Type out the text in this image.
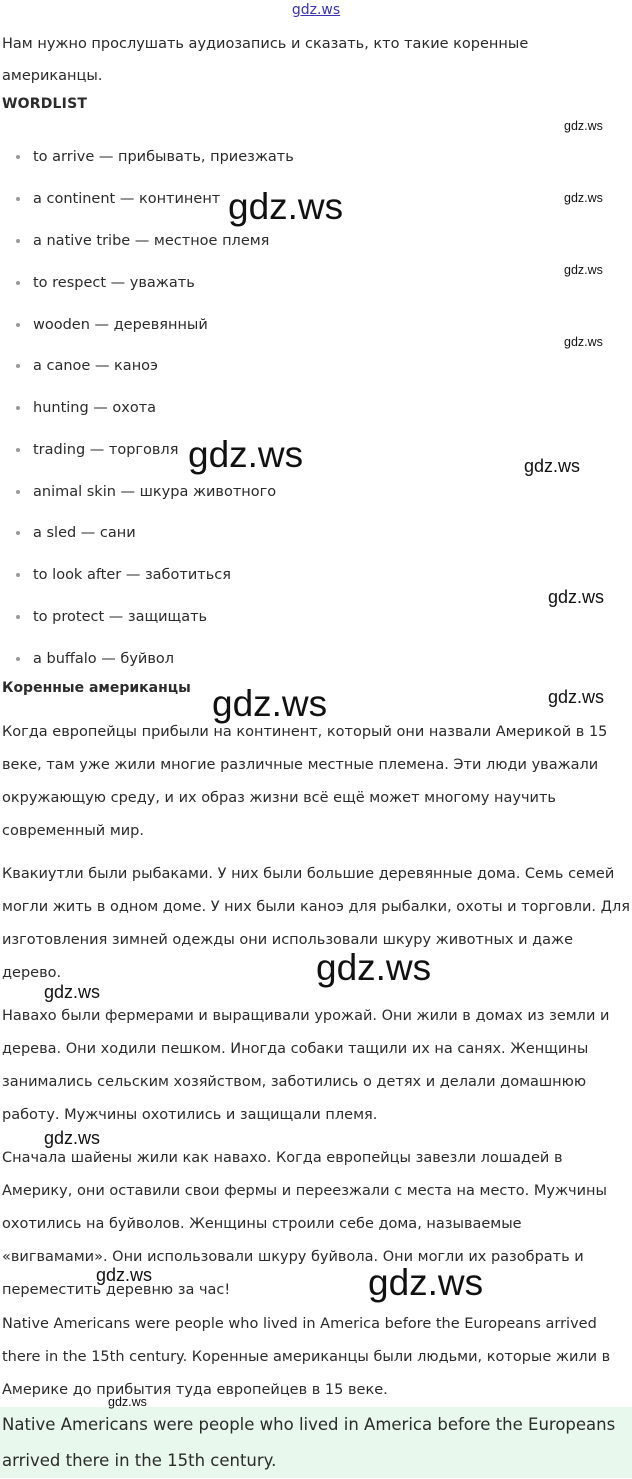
gdz.ws
Нам нужно прослушать аудиозапись и сказать, кто такие коренные американцы.
WORDLIST
to arrive — прибывать, приезжать
a continent — континент
a native tribe — местное племя
to respect — уважать
wooden — деревянный
a canoe — каноэ
hunting — охота
trading — торговля
animal skin — шкура животного
a sled — сани
to look after — заботиться
to protect — защищать
a buffalo — буйвол
Коренные американцы
Когда европейцы прибыли на континент, который они назвали Америкой в 15 веке, там уже жили многие различные местные племена. Эти люди уважали окружающую среду, и их образ жизни всё ещё может многому научить современный мир.
Квакиутли были рыбаками. У них были большие деревянные дома. Семь семей могли жить в одном доме. У них были каноэ для рыбалки, охоты и торговли. Для изготовления зимней одежды они использовали шкуру животных и даже дерево.
Навахо были фермерами и выращивали урожай. Они жили в домах из земли и дерева. Они ходили пешком. Иногда собаки тащили их на санях. Женщины занимались сельским хозяйством, заботились о детях и делали домашнюю работу. Мужчины охотились и защищали племя.
Сначала шайены жили как навахо. Когда европейцы завезли лошадей в Америку, они оставили свои фермы и переезжали с места на место. Мужчины охотились на буйволов. Женщины строили себе дома, называемые «вигвамами». Они использовали шкуру буйвола. Они могли их разобрать и переместить деревню за час!
Native Americans were people who lived in America before the Europeans arrived there in the 15th century. Коренные американцы были людьми, которые жили в Америке до прибытия туда европейцев в 15 веке.
Native Americans were people who lived in America before the Europeans arrived there in the 15th century.
gdz.ws
gdz.ws
gdz.ws
gdz.ws
gdz.ws
gdz.ws	gdz.ws
gdz.ws
gdz.ws
gdz.ws
gdz.ws
gdz.ws
gdz.ws
gdz.ws	gdz.ws
gdz.ws
